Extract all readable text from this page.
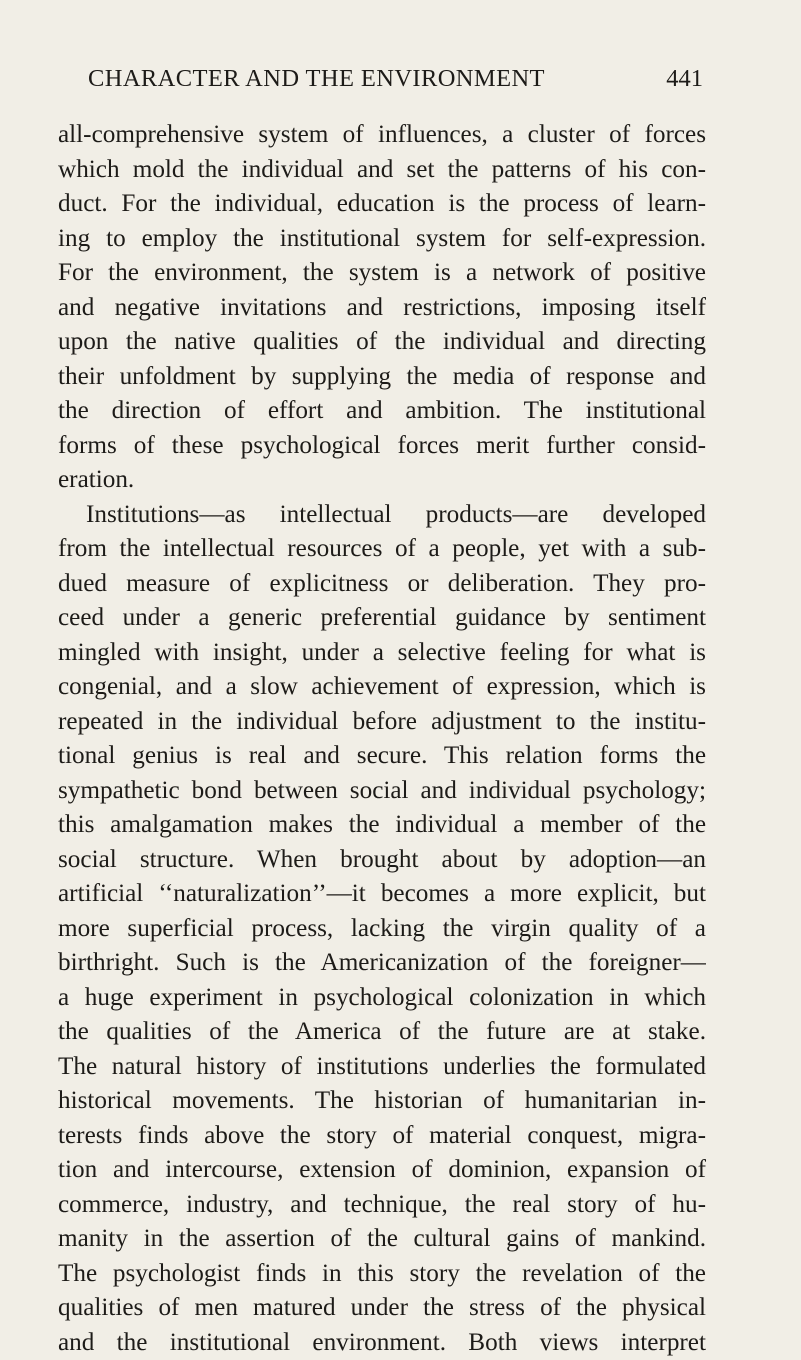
CHARACTER AND THE ENVIRONMENT	441
all-comprehensive system of influences, a cluster of forces
which mold the individual and set the patterns of his con-
duct. For the individual, education is the process of learn-
ing to employ the institutional system for self-expression.
For the environment, the system is a network of positive
and negative invitations and restrictions, imposing itself
upon the native qualities of the individual and directing
their unfoldment by supplying the media of response and
the direction of effort and ambition. The institutional
forms of these psychological forces merit further consid-
eration.
Institutions—as intellectual products—are developed
from the intellectual resources of a people, yet with a sub-
dued measure of explicitness or deliberation. They pro-
ceed under a generic preferential guidance by sentiment
mingled with insight, under a selective feeling for what is
congenial, and a slow achievement of expression, which is
repeated in the individual before adjustment to the institu-
tional genius is real and secure. This relation forms the
sympathetic bond between social and individual psychology;
this amalgamation makes the individual a member of the
social structure. When brought about by adoption—an
artificial ‘‘naturalization’’—it becomes a more explicit, but
more superficial process, lacking the virgin quality of a
birthright. Such is the Americanization of the foreigner—
a huge experiment in psychological colonization in which
the qualities of the America of the future are at stake.
The natural history of institutions underlies the formulated
historical movements. The historian of humanitarian in-
terests finds above the story of material conquest, migra-
tion and intercourse, extension of dominion, expansion of
commerce, industry, and technique, the real story of hu-
manity in the assertion of the cultural gains of mankind.
The psychologist finds in this story the revelation of the
qualities of men matured under the stress of the physical
and the institutional environment. Both views interpret
